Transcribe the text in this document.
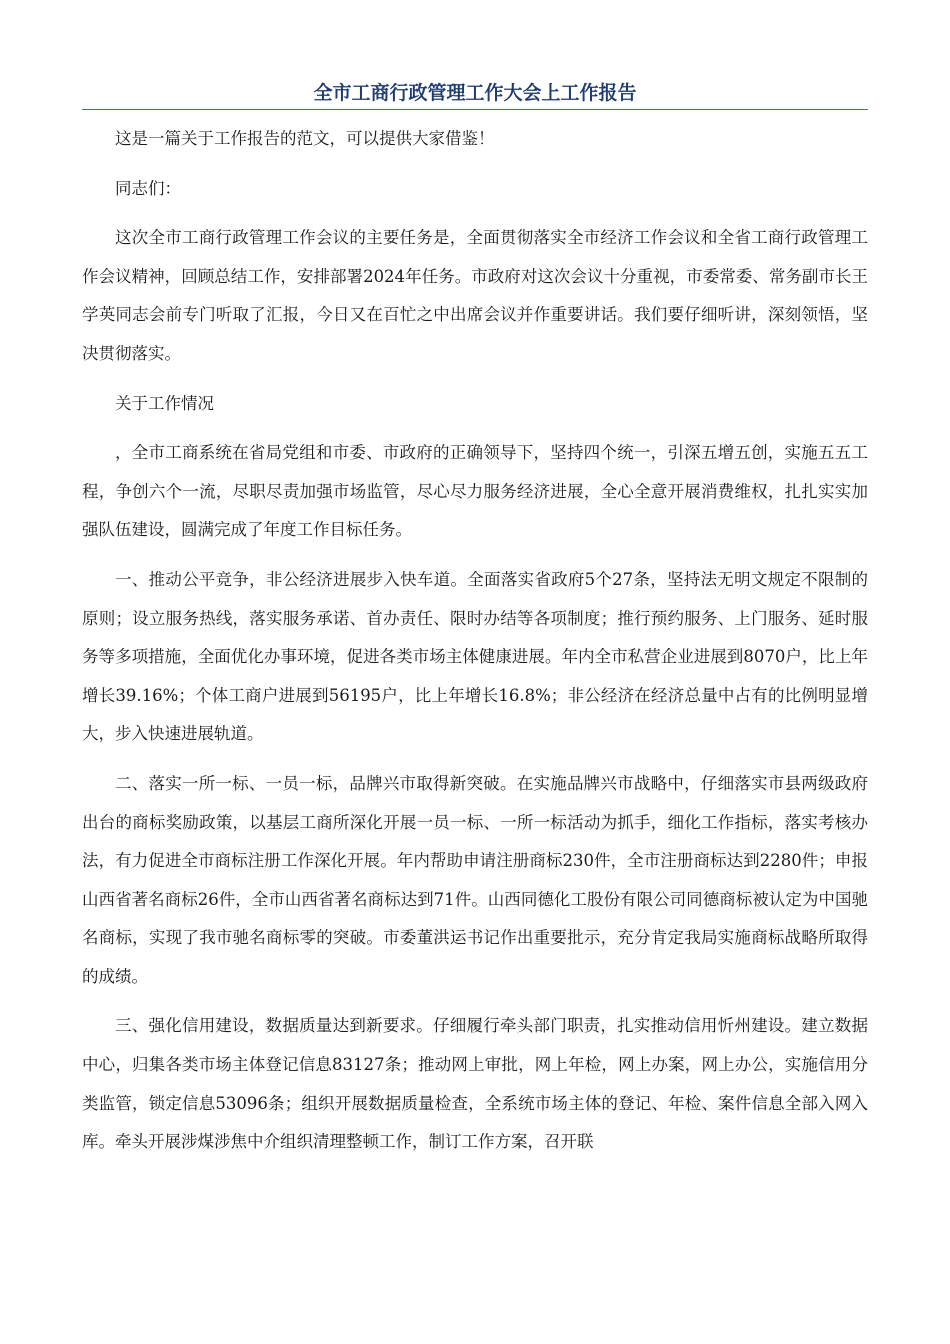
全市工商行政管理工作大会上工作报告

这是一篇关于工作报告的范文，可以提供大家借鉴！

同志们：

这次全市工商行政管理工作会议的主要任务是，全面贯彻落实全市经济工作会议和全省工商行政管理工作会议精神，回顾总结工作，安排部署2024年任务。市政府对这次会议十分重视，市委常委、常务副市长王学英同志会前专门听取了汇报，今日又在百忙之中出席会议并作重要讲话。我们要仔细听讲，深刻领悟，坚决贯彻落实。

关于工作情况

，全市工商系统在省局党组和市委、市政府的正确领导下，坚持四个统一，引深五增五创，实施五五工程，争创六个一流，尽职尽责加强市场监管，尽心尽力服务经济进展，全心全意开展消费维权，扎扎实实加强队伍建设，圆满完成了年度工作目标任务。

一、推动公平竞争，非公经济进展步入快车道。全面落实省政府5个27条，坚持法无明文规定不限制的原则；设立服务热线，落实服务承诺、首办责任、限时办结等各项制度；推行预约服务、上门服务、延时服务等多项措施，全面优化办事环境，促进各类市场主体健康进展。年内全市私营企业进展到8070户，比上年增长39.16%；个体工商户进展到56195户，比上年增长16.8%；非公经济在经济总量中占有的比例明显增大，步入快速进展轨道。

二、落实一所一标、一员一标，品牌兴市取得新突破。在实施品牌兴市战略中，仔细落实市县两级政府出台的商标奖励政策，以基层工商所深化开展一员一标、一所一标活动为抓手，细化工作指标，落实考核办法，有力促进全市商标注册工作深化开展。年内帮助申请注册商标230件，全市注册商标达到2280件；申报山西省著名商标26件，全市山西省著名商标达到71件。山西同德化工股份有限公司同德商标被认定为中国驰名商标，实现了我市驰名商标零的突破。市委董洪运书记作出重要批示，充分肯定我局实施商标战略所取得的成绩。

三、强化信用建设，数据质量达到新要求。仔细履行牵头部门职责，扎实推动信用忻州建设。建立数据中心，归集各类市场主体登记信息83127条；推动网上审批，网上年检，网上办案，网上办公，实施信用分类监管，锁定信息53096条；组织开展数据质量检查，全系统市场主体的登记、年检、案件信息全部入网入库。牵头开展涉煤涉焦中介组织清理整顿工作，制订工作方案，召开联
